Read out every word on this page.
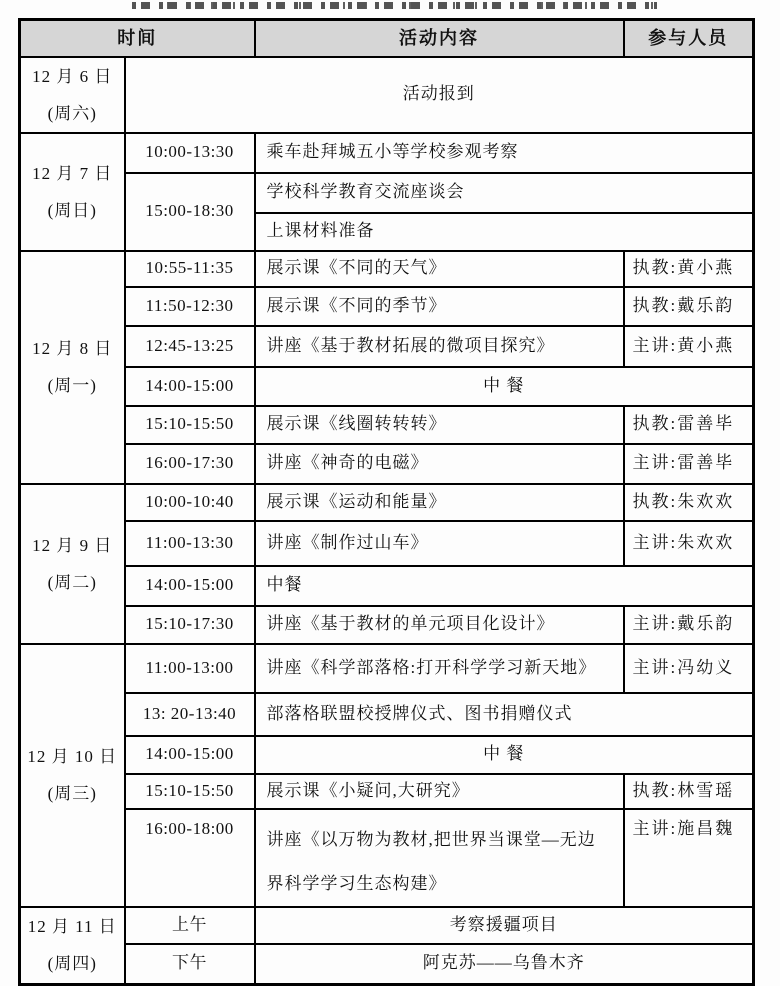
时间		活动内容	参与人员

12 月 6 日
(周六)	活动报到		

12 月 7 日
(周日)	10:00-13:30	乘车赴拜城五小等学校参观考察	
	15:00-18:30	学校科学教育交流座谈会	
		上课材料准备	

12 月 8 日
(周一)	10:55-11:35	展示课《不同的天气》	执教:黄小燕
	11:50-12:30	展示课《不同的季节》	执教:戴乐韵
	12:45-13:25	讲座《基于教材拓展的微项目探究》	主讲:黄小燕
	14:00-15:00	中 餐	
	15:10-15:50	展示课《线圈转转转》	执教:雷善毕
	16:00-17:30	讲座《神奇的电磁》	主讲:雷善毕

12 月 9 日
(周二)	10:00-10:40	展示课《运动和能量》	执教:朱欢欢
	11:00-13:30	讲座《制作过山车》	主讲:朱欢欢
	14:00-15:00	中餐	
	15:10-17:30	讲座《基于教材的单元项目化设计》	主讲:戴乐韵

12 月 10 日
(周三)	11:00-13:00	讲座《科学部落格:打开科学学习新天地》	主讲:冯幼义
	13: 20-13:40	部落格联盟校授牌仪式、图书捐赠仪式	
	14:00-15:00	中 餐	
	15:10-15:50	展示课《小疑问,大研究》	执教:林雪瑶
	16:00-18:00	讲座《以万物为教材,把世界当课堂—无边
界科学学习生态构建》	主讲:施昌魏

12 月 11 日
(周四)	上午	考察援疆项目	
	下午	阿克苏——乌鲁木齐	
